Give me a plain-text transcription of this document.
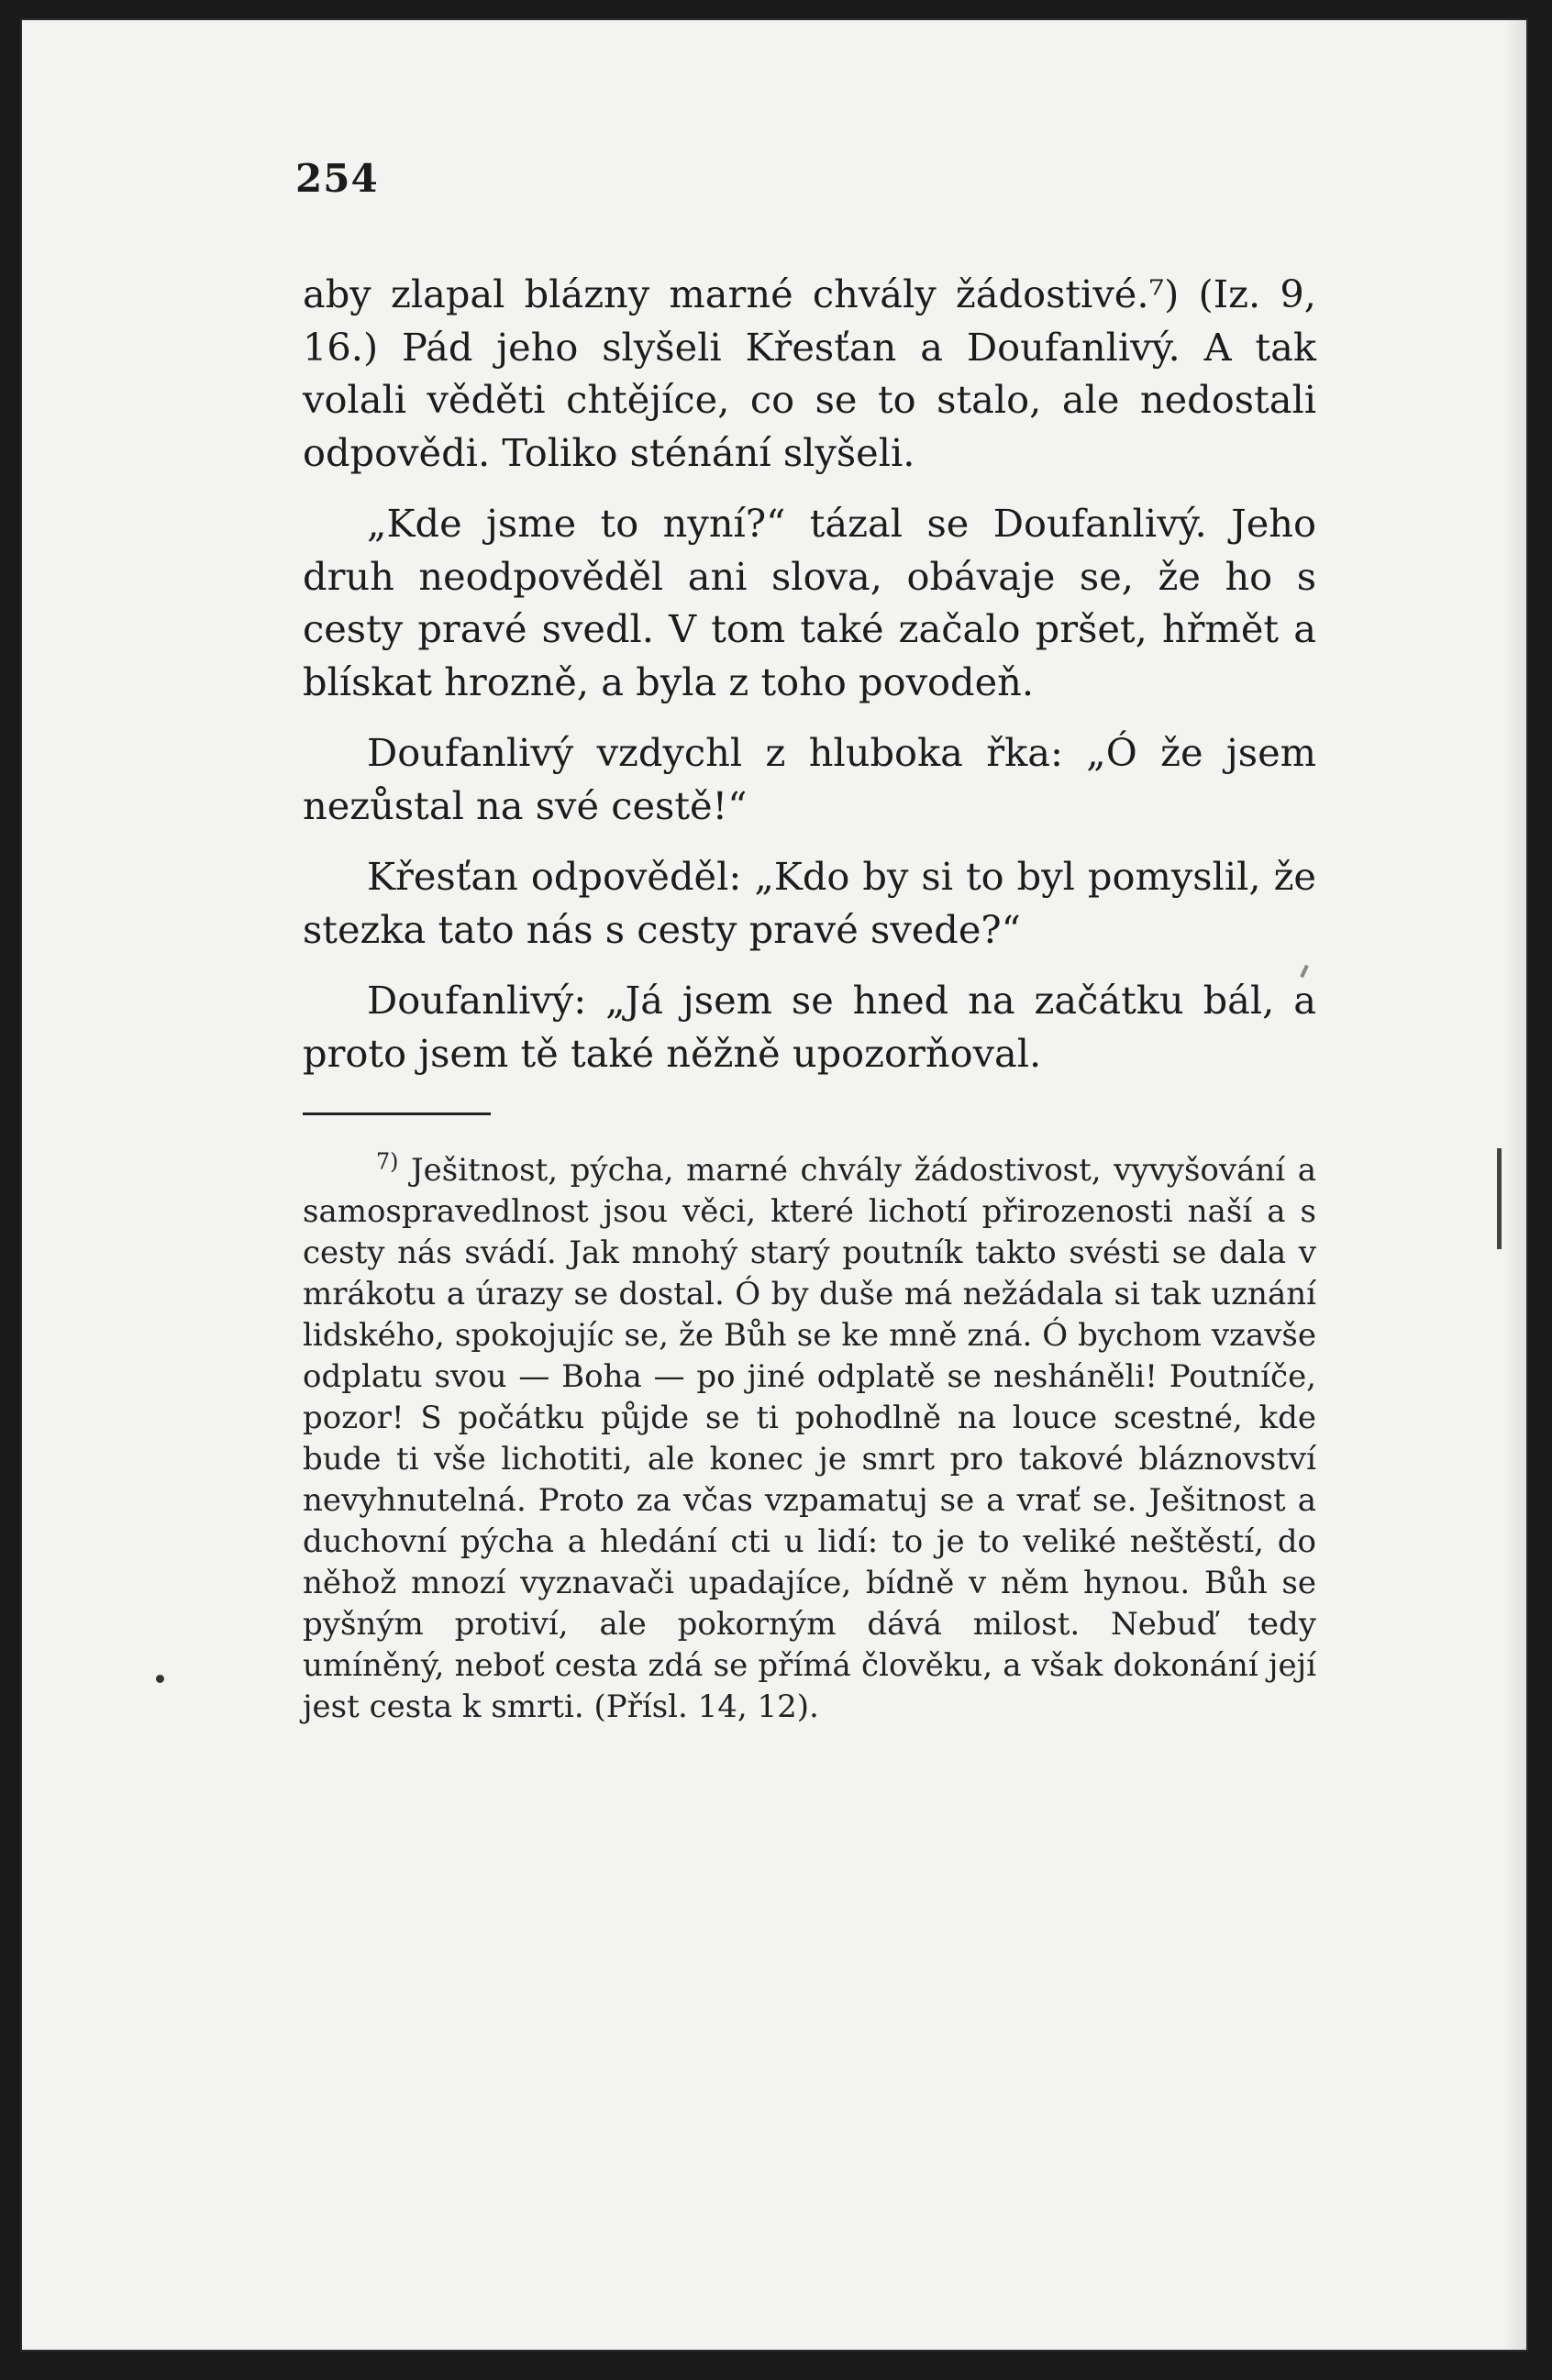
254

aby zlapal blázny marné chvály žádostivé.⁷) (Iz. 9, 16.) Pád jeho slyšeli Křesťan a Doufanlivý. A tak volali věděti chtějíce, co se to stalo, ale nedostali odpovědi. Toliko sténání slyšeli.

„Kde jsme to nyní?“ tázal se Doufanlivý. Jeho druh neodpověděl ani slova, obávaje se, že ho s cesty pravé svedl. V tom také začalo pršet, hřmět a blískat hrozně, a byla z toho povodeň.

Doufanlivý vzdychl z hluboka řka: „Ó že jsem nezůstal na své cestě!“

Křesťan odpověděl: „Kdo by si to byl pomyslil, že stezka tato nás s cesty pravé svede?“

Doufanlivý: „Já jsem se hned na začátku bál, a proto jsem tě také něžně upozorňoval.

$^{7)}$ Ješitnost, pýcha, marné chvály žádostivost, vyvyšování a samospravedlnost jsou věci, které lichotí přirozenosti naší a s cesty nás svádí. Jak mnohý starý poutník takto svésti se dala v mrákotu a úrazy se dostal. Ó by duše má nežádala si tak uznání lidského, spokojujíc se, že Bůh se ke mně zná. Ó bychom vzavše odplatu svou — Boha — po jiné odplatě se nesháněli! Poutníče, pozor! S počátku půjde se ti pohodlně na louce scestné, kde bude ti vše lichotiti, ale konec je smrt pro takové bláznovství nevyhnutelná. Proto za včas vzpamatuj se a vrať se. Ješitnost a duchovní pýcha a hledání cti u lidí: to je to veliké neštěstí, do něhož mnozí vyznavači upadajíce, bídně v něm hynou. Bůh se pyšným protiví, ale pokorným dává milost. Nebuď tedy umíněný, neboť cesta zdá se přímá člověku, a však dokonání její jest cesta k smrti. (Přísl. 14, 12).
